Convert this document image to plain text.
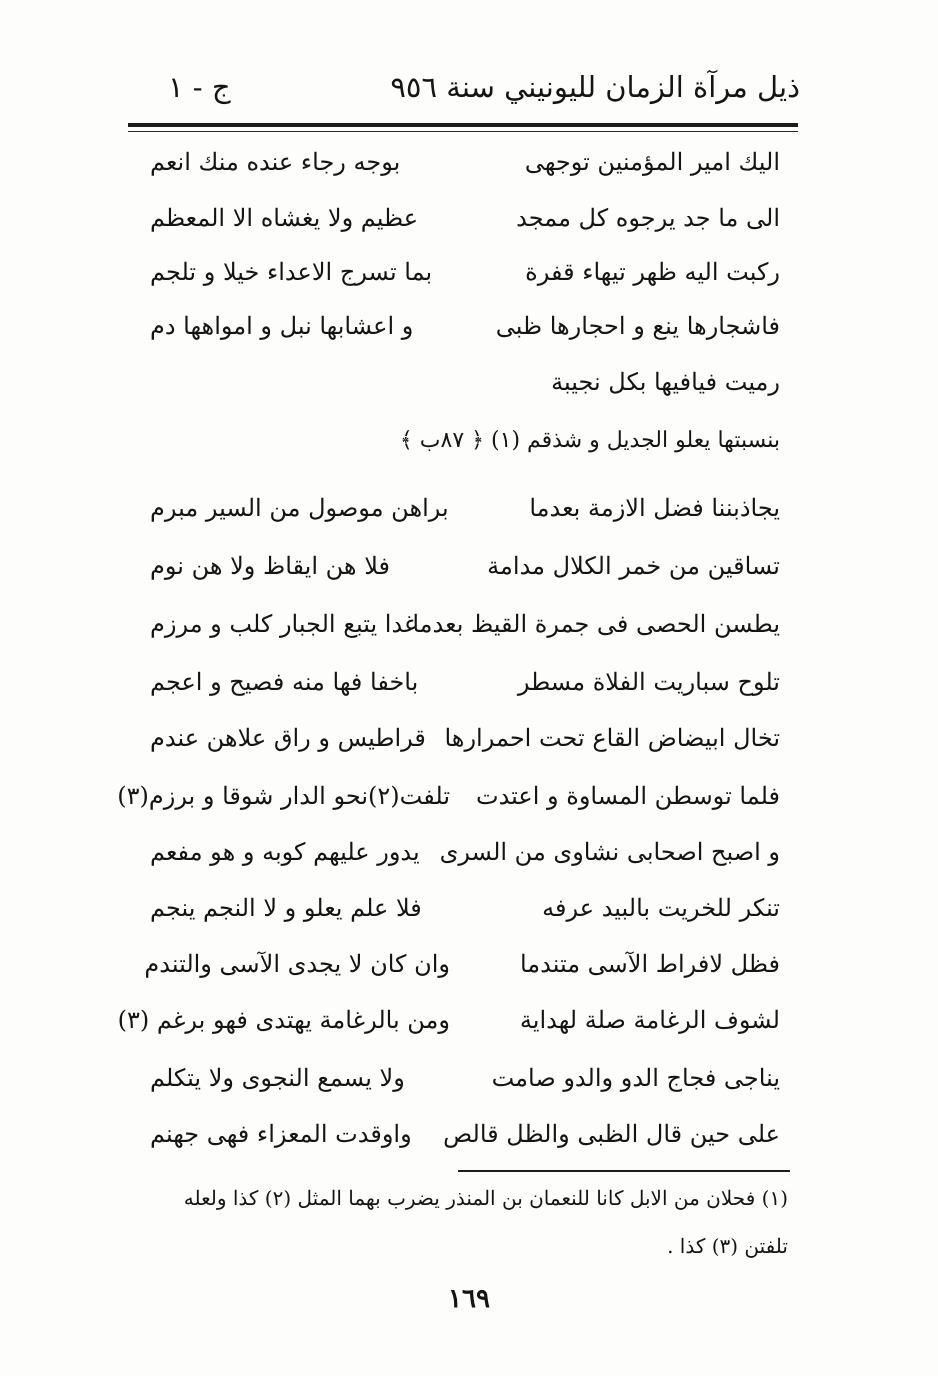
ذيل مرآة الزمان لليونيني سنة ٩٥٦
ج - ١
اليك امير المؤمنين توجهى
بوجه رجاء عنده منك انعم
الى ما جد يرجوه كل ممجد
عظيم ولا يغشاه الا المعظم
ركبت اليه ظهر تيهاء قفرة
بما تسرج الاعداء خيلا و تلجم
فاشجارها ينع و احجارها ظبى
و اعشابها نبل و امواهها دم
رميت فيافيها بكل نجيبة
بنسبتها يعلو الجديل و شذقم (١) ﴿ ٨٧ب ﴾
يجاذبننا فضل الازمة بعدما
براهن موصول من السير مبرم
تساقين من خمر الكلال مدامة
فلا هن ايقاظ ولا هن نوم
يطسن الحصى فى جمرة القيظ بعدما
غدا يتبع الجبار كلب و مرزم
تلوح سباريت الفلاة مسطر
باخفا فها منه فصيح و اعجم
تخال ابيضاض القاع تحت احمرارها
قراطيس و راق علاهن عندم
فلما توسطن المساوة و اعتدت
تلفت(٢)نحو الدار شوقا و برزم(٣)
و اصبح اصحابى نشاوى من السرى
يدور عليهم كوبه و هو مفعم
تنكر للخريت بالبيد عرفه
فلا علم يعلو و لا النجم ينجم
فظل لافراط الآسى متندما
وان كان لا يجدى الآسى والتندم
لشوف الرغامة صلة لهداية
ومن بالرغامة يهتدى فهو برغم (٣)
يناجى فجاج الدو والدو صامت
ولا يسمع النجوى ولا يتكلم
على حين قال الظبى والظل قالص
واوقدت المعزاء فهى جهنم
(١) فحلان من الابل كانا للنعمان بن المنذر يضرب بهما المثل (٢) كذا ولعله
تلفتن (٣) كذا .
١٦٩
